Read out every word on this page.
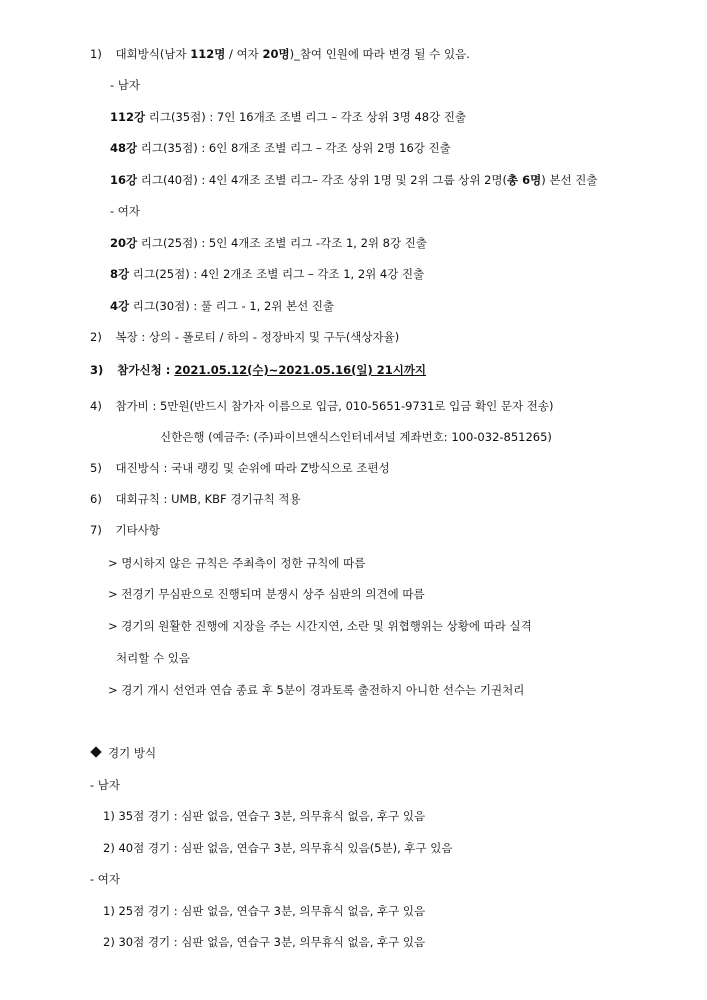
1) 대회방식(남자 112명 / 여자 20명)_참여 인원에 따라 변경 될 수 있음.
- 남자
112강 리그(35점) : 7인 16개조 조별 리그 – 각조 상위 3명 48강 진출
48강 리그(35점) : 6인 8개조 조별 리그 – 각조 상위 2명 16강 진출
16강 리그(40점) : 4인 4개조 조별 리그– 각조 상위 1명 및 2위 그룹 상위 2명(총 6명) 본선 진출
- 여자
20강 리그(25점) : 5인 4개조 조별 리그 -각조 1, 2위 8강 진출
8강 리그(25점) : 4인 2개조 조별 리그 – 각조 1, 2위 4강 진출
4강 리그(30점) : 풀 리그 - 1, 2위 본선 진출
2) 복장 : 상의 - 폴로티 / 하의 - 정장바지 및 구두(색상자율)
3) 참가신청 : 2021.05.12(수)~2021.05.16(일) 21시까지
4) 참가비 : 5만원(반드시 참가자 이름으로 입금, 010-5651-9731로 입금 확인 문자 전송)
신한은행 (예금주: (주)파이브앤식스인터네셔널 계좌번호: 100-032-851265)
5) 대진방식 : 국내 랭킹 및 순위에 따라 Z방식으로 조편성
6) 대회규칙 : UMB, KBF 경기규칙 적용
7) 기타사항
> 명시하지 않은 규칙은 주최측이 정한 규칙에 따름
> 전경기 무심판으로 진행되며 분쟁시 상주 심판의 의견에 따름
> 경기의 원활한 진행에 지장을 주는 시간지연, 소란 및 위협행위는 상황에 따라 실격
처리할 수 있음
> 경기 개시 선언과 연습 종료 후 5분이 경과토록 출전하지 아니한 선수는 기권처리
경기 방식
- 남자
1) 35점 경기 : 심판 없음, 연습구 3분, 의무휴식 없음, 후구 있음
2) 40점 경기 : 심판 없음, 연습구 3분, 의무휴식 있음(5분), 후구 있음
- 여자
1) 25점 경기 : 심판 없음, 연습구 3분, 의무휴식 없음, 후구 있음
2) 30점 경기 : 심판 없음, 연습구 3분, 의무휴식 없음, 후구 있음
